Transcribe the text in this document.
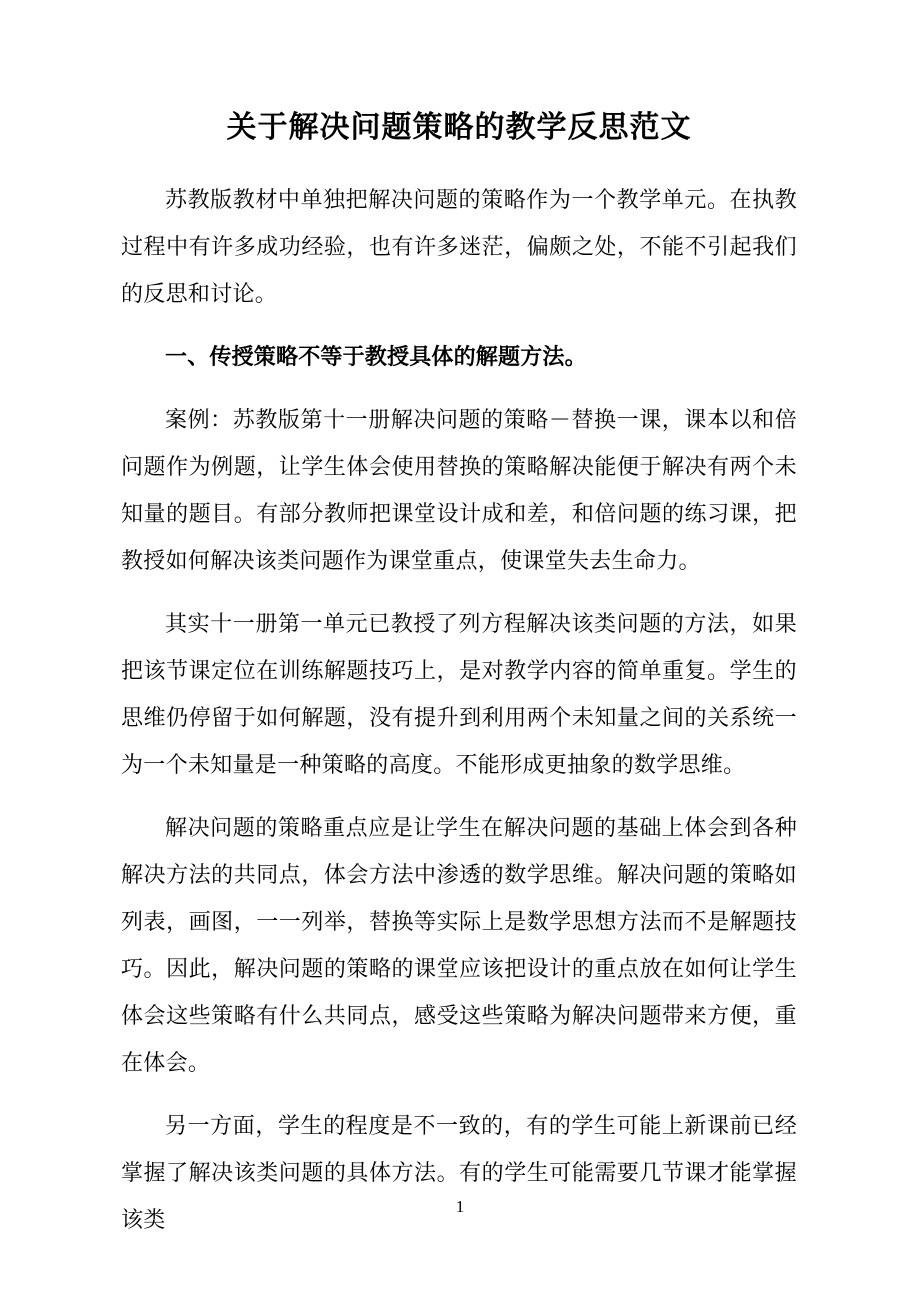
关于解决问题策略的教学反思范文

苏教版教材中单独把解决问题的策略作为一个教学单元。在执教过程中有许多成功经验，也有许多迷茫，偏颇之处，不能不引起我们的反思和讨论。

一、传授策略不等于教授具体的解题方法。

案例：苏教版第十一册解决问题的策略－替换一课，课本以和倍问题作为例题，让学生体会使用替换的策略解决能便于解决有两个未知量的题目。有部分教师把课堂设计成和差，和倍问题的练习课，把教授如何解决该类问题作为课堂重点，使课堂失去生命力。

其实十一册第一单元已教授了列方程解决该类问题的方法，如果把该节课定位在训练解题技巧上，是对教学内容的简单重复。学生的思维仍停留于如何解题，没有提升到利用两个未知量之间的关系统一为一个未知量是一种策略的高度。不能形成更抽象的数学思维。

解决问题的策略重点应是让学生在解决问题的基础上体会到各种解决方法的共同点，体会方法中渗透的数学思维。解决问题的策略如列表，画图，一一列举，替换等实际上是数学思想方法而不是解题技巧。因此，解决问题的策略的课堂应该把设计的重点放在如何让学生体会这些策略有什么共同点，感受这些策略为解决问题带来方便，重在体会。

另一方面，学生的程度是不一致的，有的学生可能上新课前已经掌握了解决该类问题的具体方法。有的学生可能需要几节课才能掌握该类

1
